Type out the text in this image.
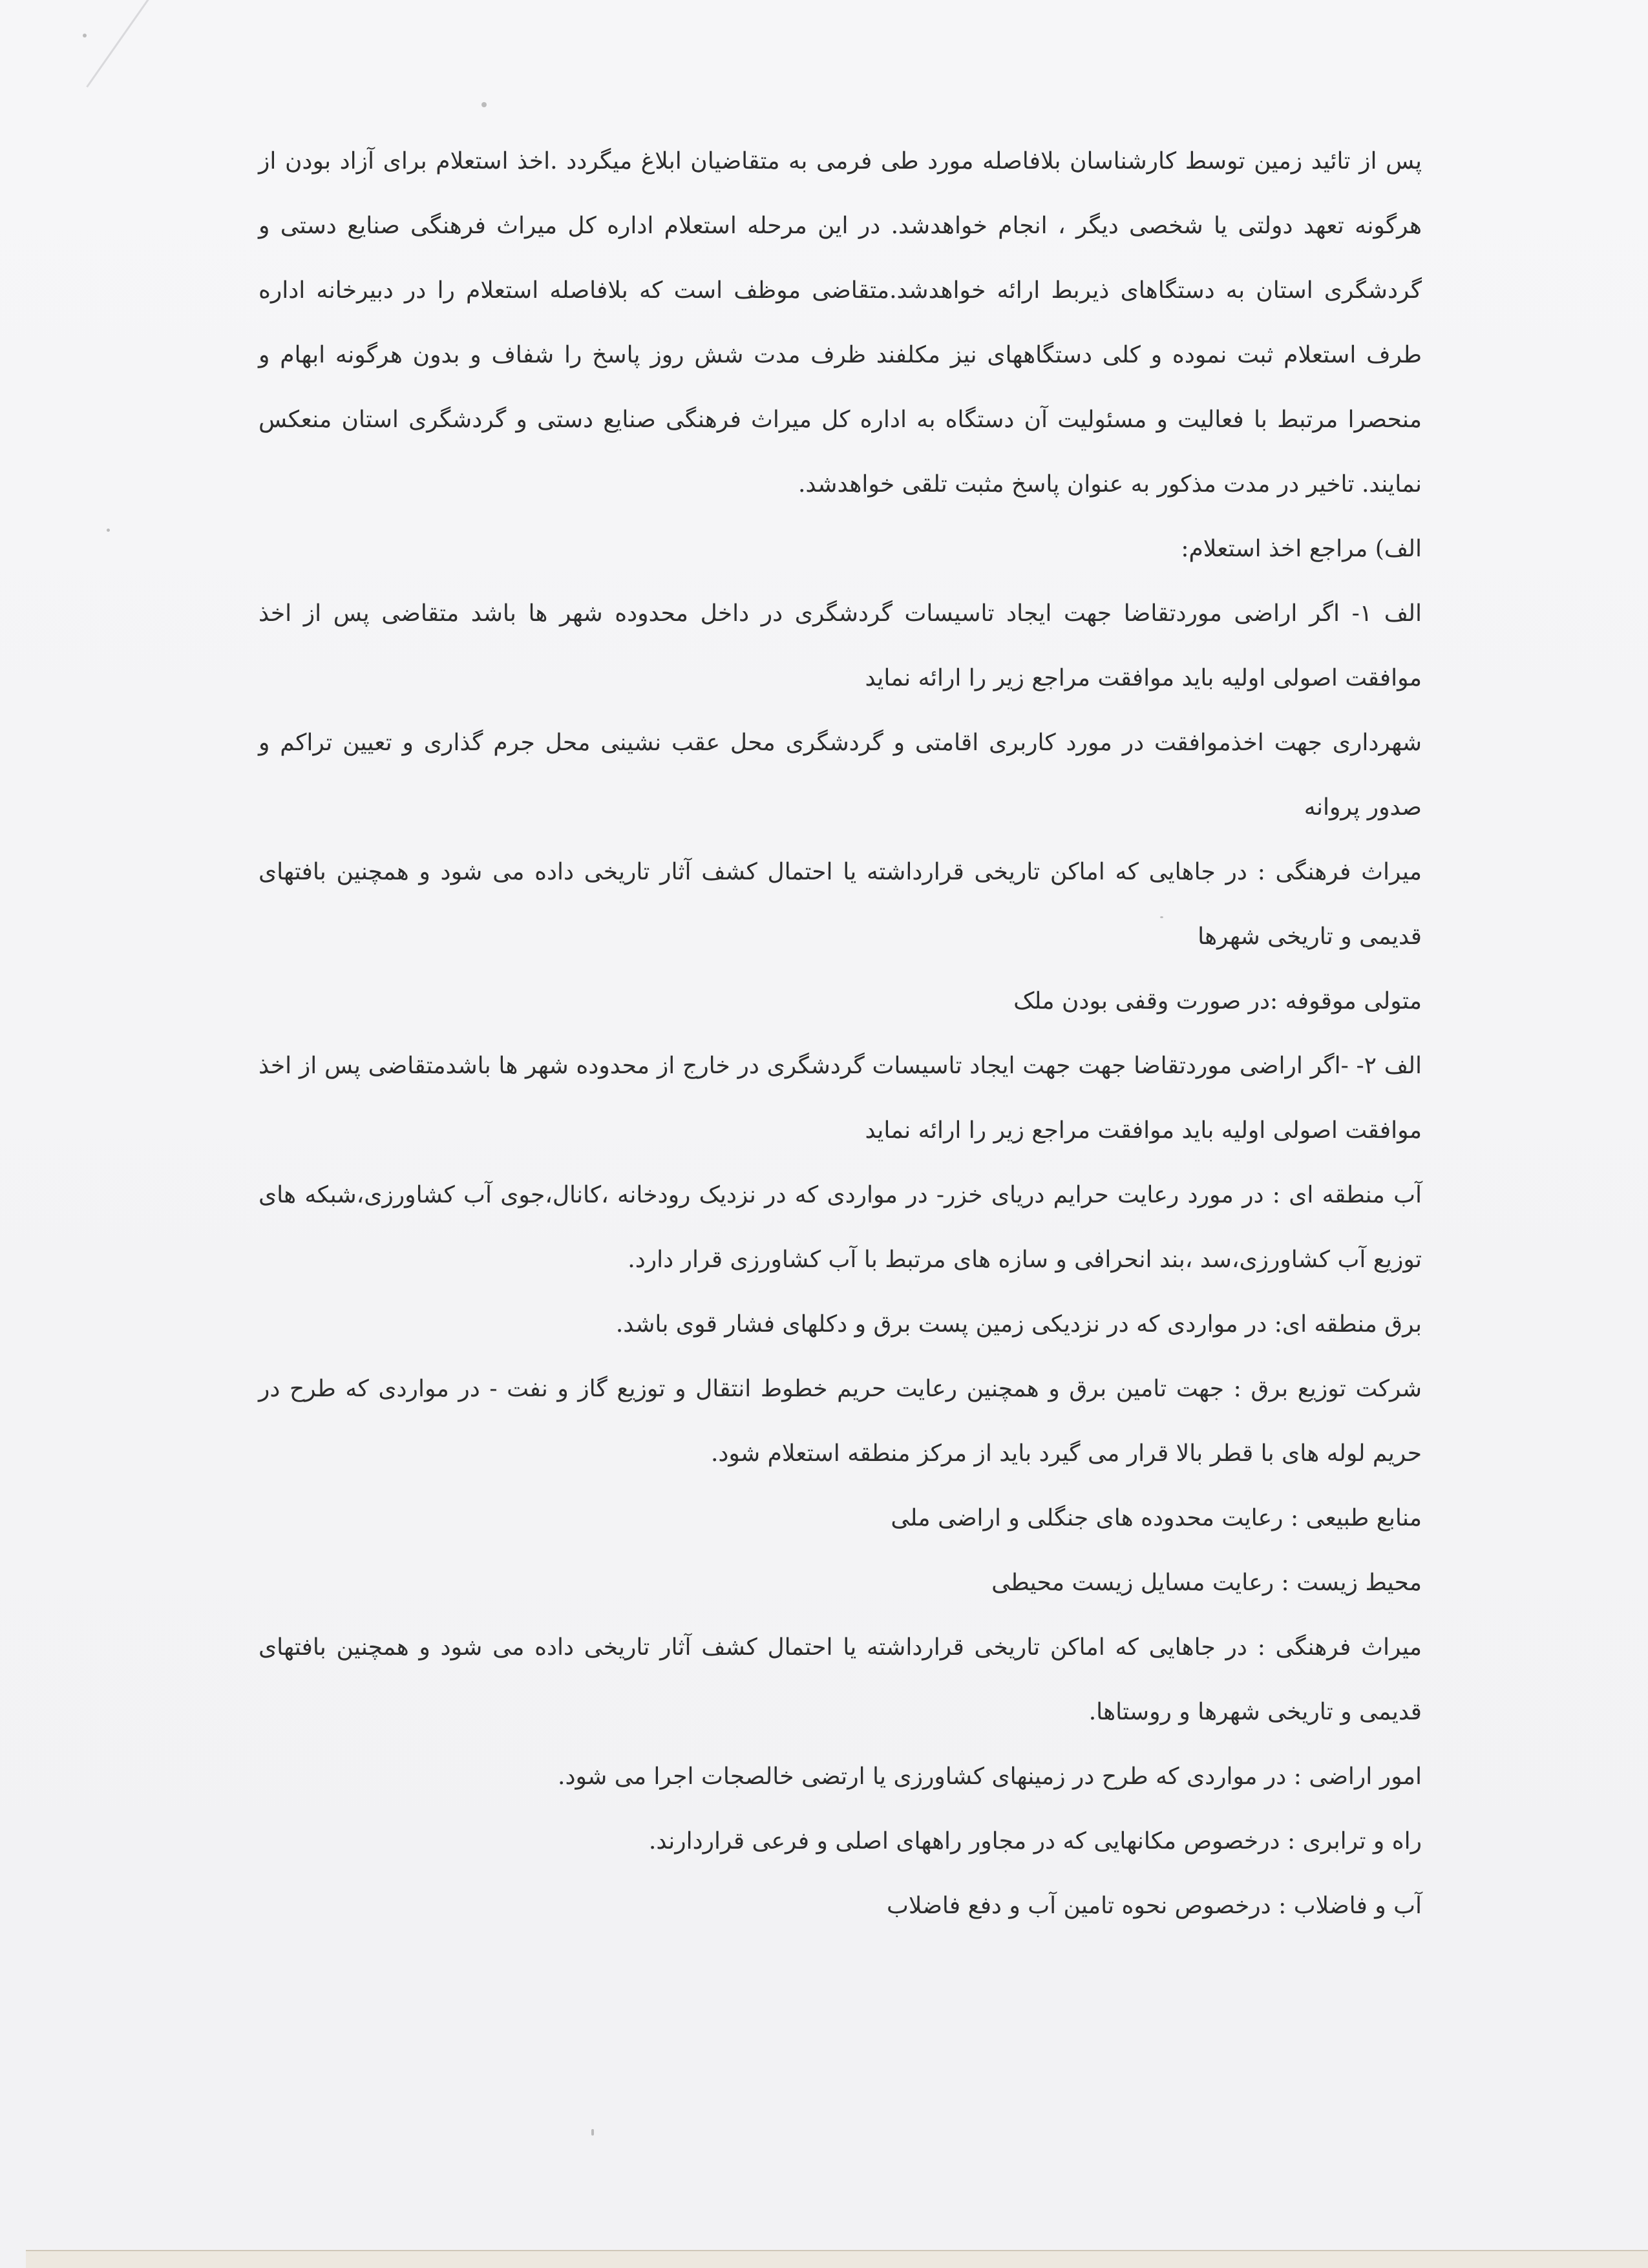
پس از تائید زمین توسط کارشناسان بلافاصله مورد طی فرمی به متقاضیان ابلاغ میگردد .اخذ استعلام برای آزاد بودن از هرگونه تعهد دولتی یا شخصی دیگر ، انجام خواهدشد. در این مرحله استعلام اداره کل میراث فرهنگی صنایع دستی و گردشگری استان به دستگاهای ذیربط ارائه خواهدشد.متقاضی موظف است که بلافاصله استعلام را در دبیرخانه اداره طرف استعلام ثبت نموده و کلی دستگاههای نیز مکلفند ظرف مدت شش روز پاسخ را شفاف و بدون هرگونه ابهام و منحصرا مرتبط با فعالیت و مسئولیت آن دستگاه به اداره کل میراث فرهنگی صنایع دستی و گردشگری استان منعکس نمایند. تاخیر در مدت مذکور به عنوان پاسخ مثبت تلقی خواهدشد.

الف) مراجع اخذ استعلام:

الف ۱- اگر اراضی موردتقاضا جهت ایجاد تاسیسات گردشگری در داخل محدوده شهر ها باشد متقاضی پس از اخذ موافقت اصولی اولیه باید موافقت مراجع زیر را ارائه نماید

شهرداری جهت اخذموافقت در مورد کاربری اقامتی و گردشگری محل عقب نشینی محل جرم گذاری و تعیین تراکم و صدور پروانه

میراث فرهنگی : در جاهایی که اماکن تاریخی قرارداشته یا احتمال کشف آثار تاریخی داده می شود و همچنین بافتهای قدیمی و تاریخی شهرها

متولی موقوفه :در صورت وقفی بودن ملک

الف ۲- -اگر اراضی موردتقاضا جهت جهت ایجاد تاسیسات گردشگری در خارج از محدوده شهر ها باشدمتقاضی پس از اخذ موافقت اصولی اولیه باید موافقت مراجع زیر را ارائه نماید

آب منطقه ای : در مورد رعایت حرایم دریای خزر- در مواردی که در نزدیک رودخانه ،کانال،جوی آب کشاورزی،شبکه های توزیع آب کشاورزی،سد ،بند انحرافی و سازه های مرتبط با آب کشاورزی قرار دارد.

برق منطقه ای: در مواردی که در نزدیکی زمین پست برق و دکلهای فشار قوی باشد.

شرکت توزیع برق : جهت تامین برق و همچنین رعایت حریم خطوط انتقال و توزیع گاز و نفت - در مواردی که طرح در حریم لوله های با قطر بالا قرار می گیرد باید از مرکز منطقه استعلام شود.

منابع طبیعی : رعایت محدوده های جنگلی و اراضی ملی

محیط زیست : رعایت مسایل زیست محیطی

میراث فرهنگی : در جاهایی که اماکن تاریخی قرارداشته یا احتمال کشف آثار تاریخی داده می شود و همچنین بافتهای قدیمی و تاریخی شهرها و روستاها.

امور اراضی : در مواردی که طرح در زمینهای کشاورزی یا ارتضی خالصجات اجرا می شود.

راه و ترابری : درخصوص مکانهایی که در مجاور راههای اصلی و فرعی قراردارند.

آب و فاضلاب : درخصوص نحوه تامین آب و دفع فاضلاب
